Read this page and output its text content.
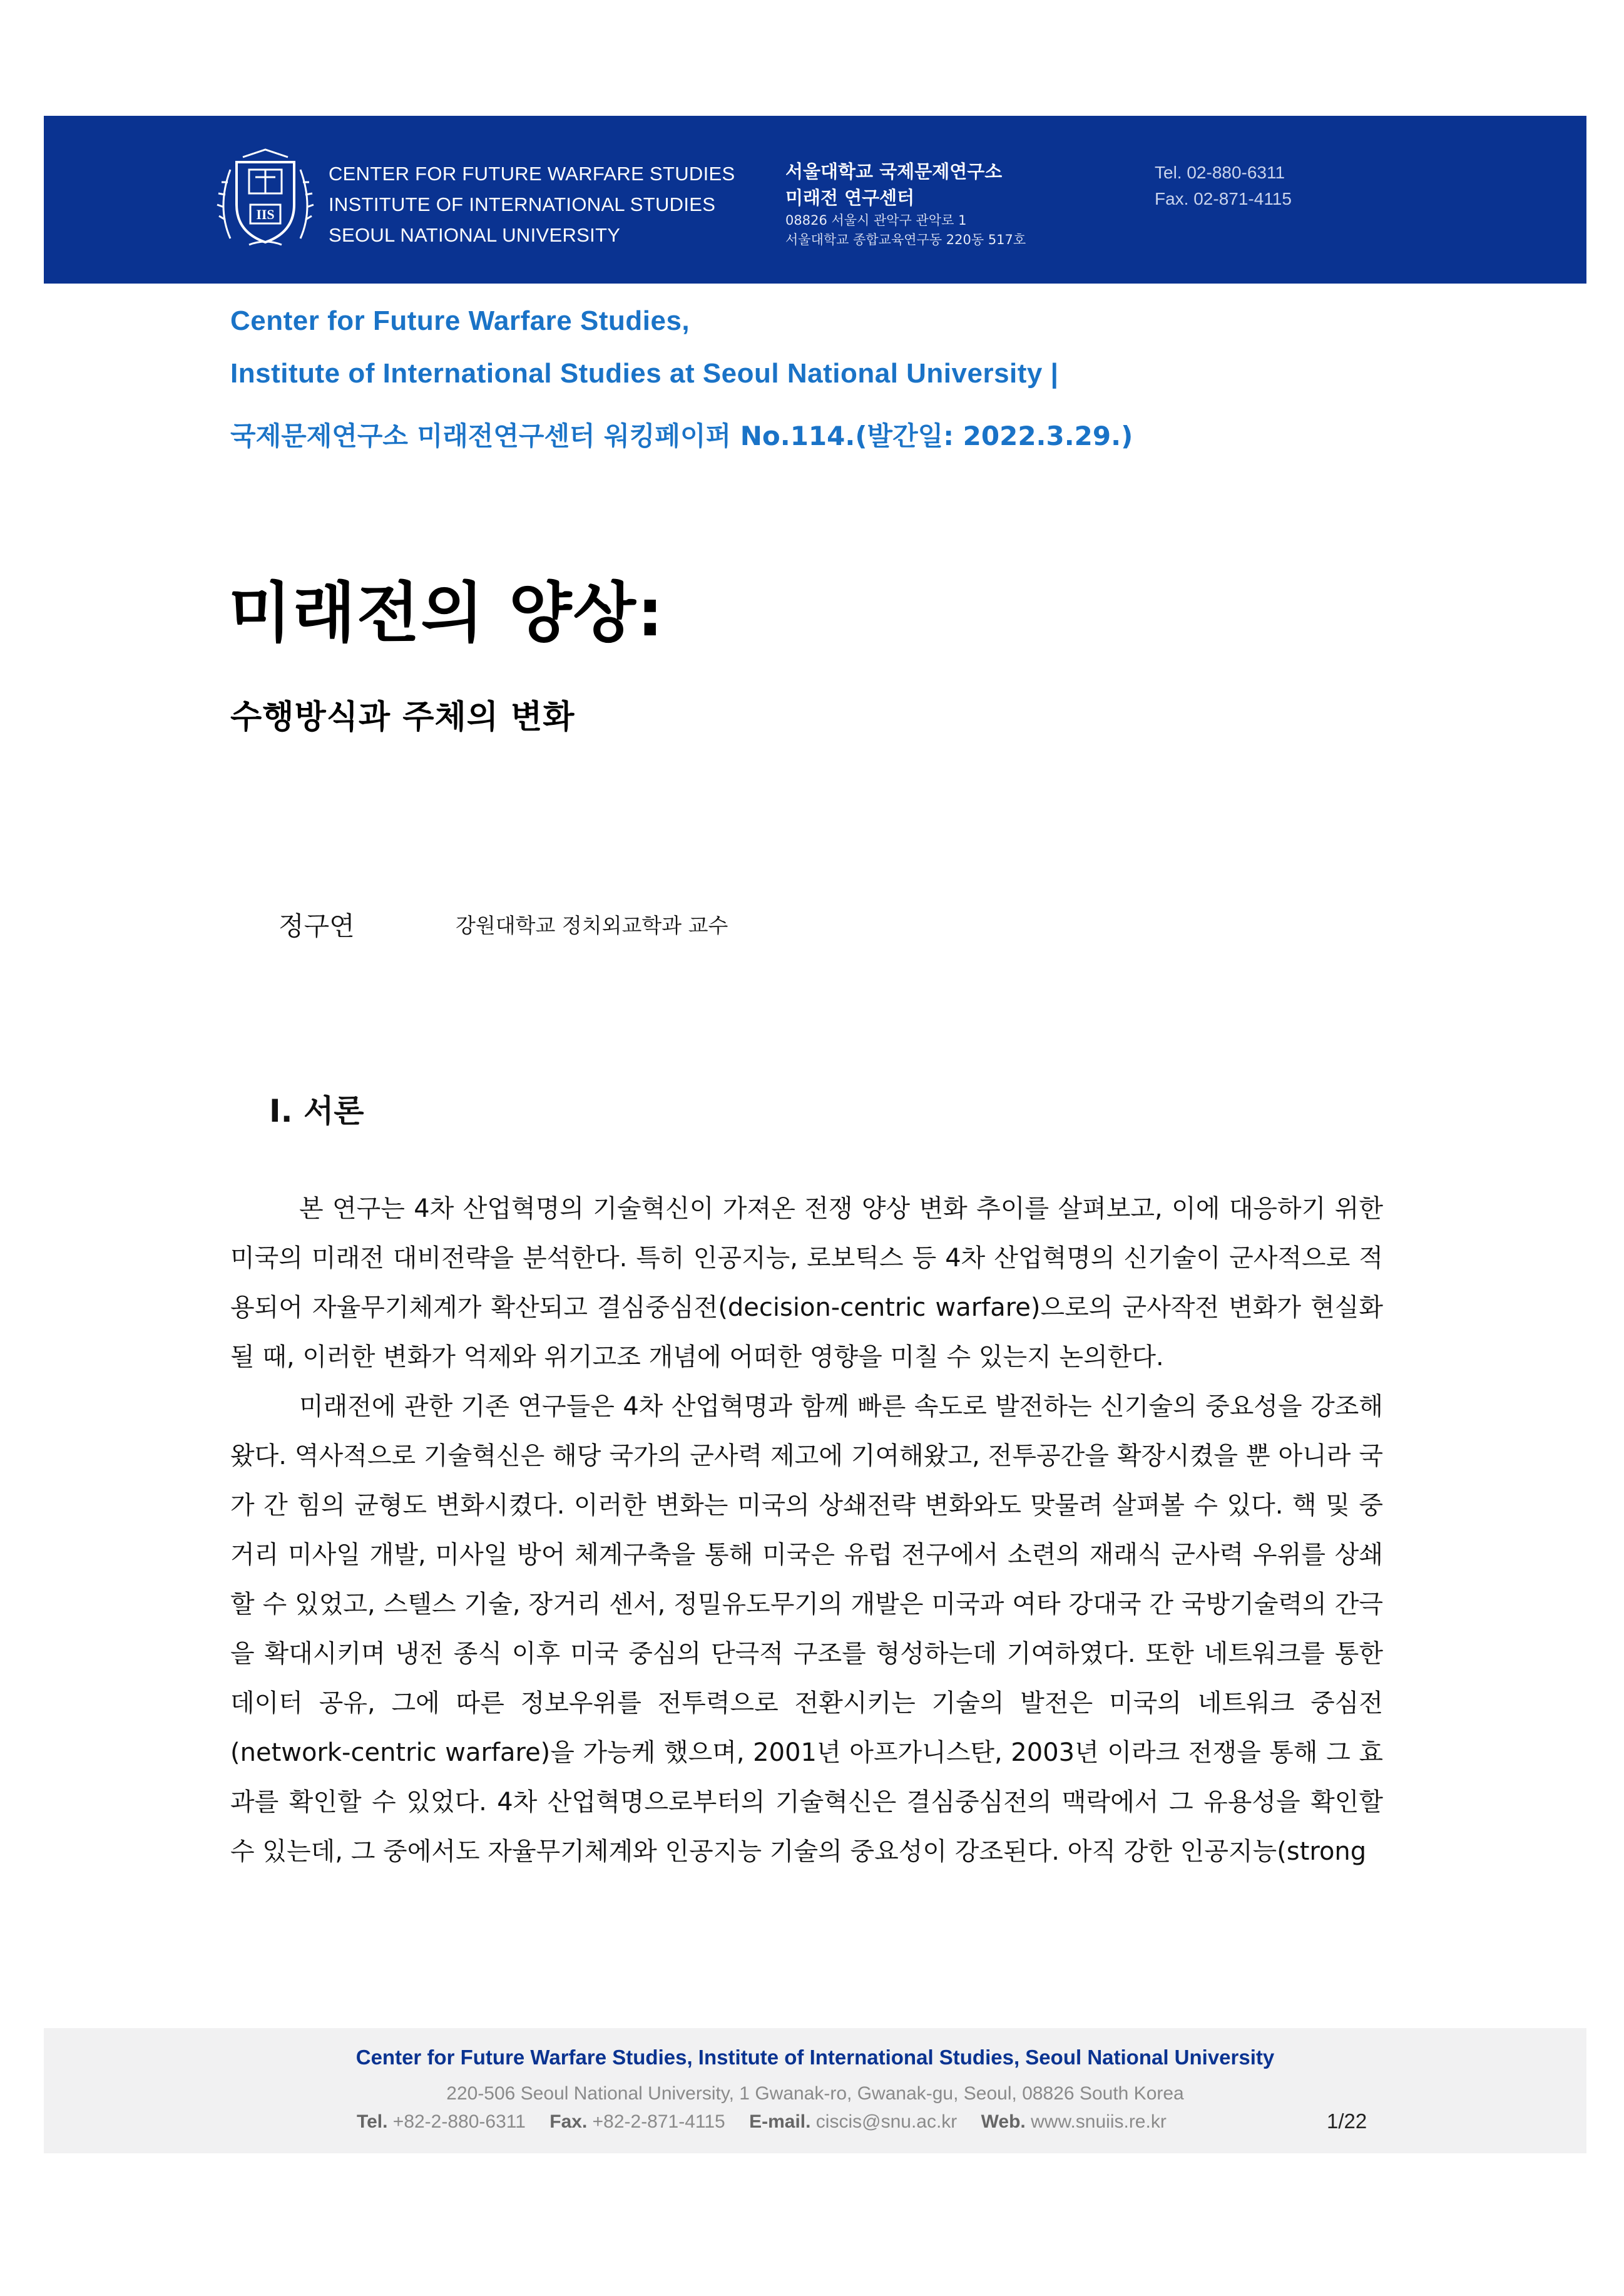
IIS
CENTER FOR FUTURE WARFARE STUDIES
INSTITUTE OF INTERNATIONAL STUDIES
SEOUL NATIONAL UNIVERSITY
서울대학교 국제문제연구소
미래전 연구센터
08826 서울시 관악구 관악로 1
서울대학교 종합교육연구동 220동 517호
Tel. 02-880-6311
Fax. 02-871-4115
Center for Future Warfare Studies,
Institute of International Studies at Seoul National University |
국제문제연구소 미래전연구센터 워킹페이퍼 No.114.(발간일: 2022.3.29.)
미래전의 양상:
수행방식과 주체의 변화
정구연	강원대학교 정치외교학과 교수
I. 서론

본 연구는 4차 산업혁명의 기술혁신이 가져온 전쟁 양상 변화 추이를 살펴보고, 이에 대응하기 위한 미국의 미래전 대비전략을 분석한다. 특히 인공지능, 로보틱스 등 4차 산업혁명의 신기술이 군사적으로 적용되어 자율무기체계가 확산되고 결심중심전(decision-centric warfare)으로의 군사작전 변화가 현실화될 때, 이러한 변화가 억제와 위기고조 개념에 어떠한 영향을 미칠 수 있는지 논의한다.

미래전에 관한 기존 연구들은 4차 산업혁명과 함께 빠른 속도로 발전하는 신기술의 중요성을 강조해왔다. 역사적으로 기술혁신은 해당 국가의 군사력 제고에 기여해왔고, 전투공간을 확장시켰을 뿐 아니라 국가 간 힘의 균형도 변화시켰다. 이러한 변화는 미국의 상쇄전략 변화와도 맞물려 살펴볼 수 있다. 핵 및 중거리 미사일 개발, 미사일 방어 체계구축을 통해 미국은 유럽 전구에서 소련의 재래식 군사력 우위를 상쇄할 수 있었고, 스텔스 기술, 장거리 센서, 정밀유도무기의 개발은 미국과 여타 강대국 간 국방기술력의 간극을 확대시키며 냉전 종식 이후 미국 중심의 단극적 구조를 형성하는데 기여하였다. 또한 네트워크를 통한 데이터 공유, 그에 따른 정보우위를 전투력으로 전환시키는 기술의 발전은 미국의 네트워크 중심전(network-centric warfare)을 가능케 했으며, 2001년 아프가니스탄, 2003년 이라크 전쟁을 통해 그 효과를 확인할 수 있었다. 4차 산업혁명으로부터의 기술혁신은 결심중심전의 맥락에서 그 유용성을 확인할 수 있는데, 그 중에서도 자율무기체계와 인공지능 기술의 중요성이 강조된다. 아직 강한 인공지능(strong

Center for Future Warfare Studies, Institute of International Studies, Seoul National University
220-506 Seoul National University, 1 Gwanak-ro, Gwanak-gu, Seoul, 08826 South Korea
Tel. +82-2-880-6311 Fax. +82-2-871-4115 E-mail. ciscis@snu.ac.kr Web. www.snuiis.re.kr	1/22
